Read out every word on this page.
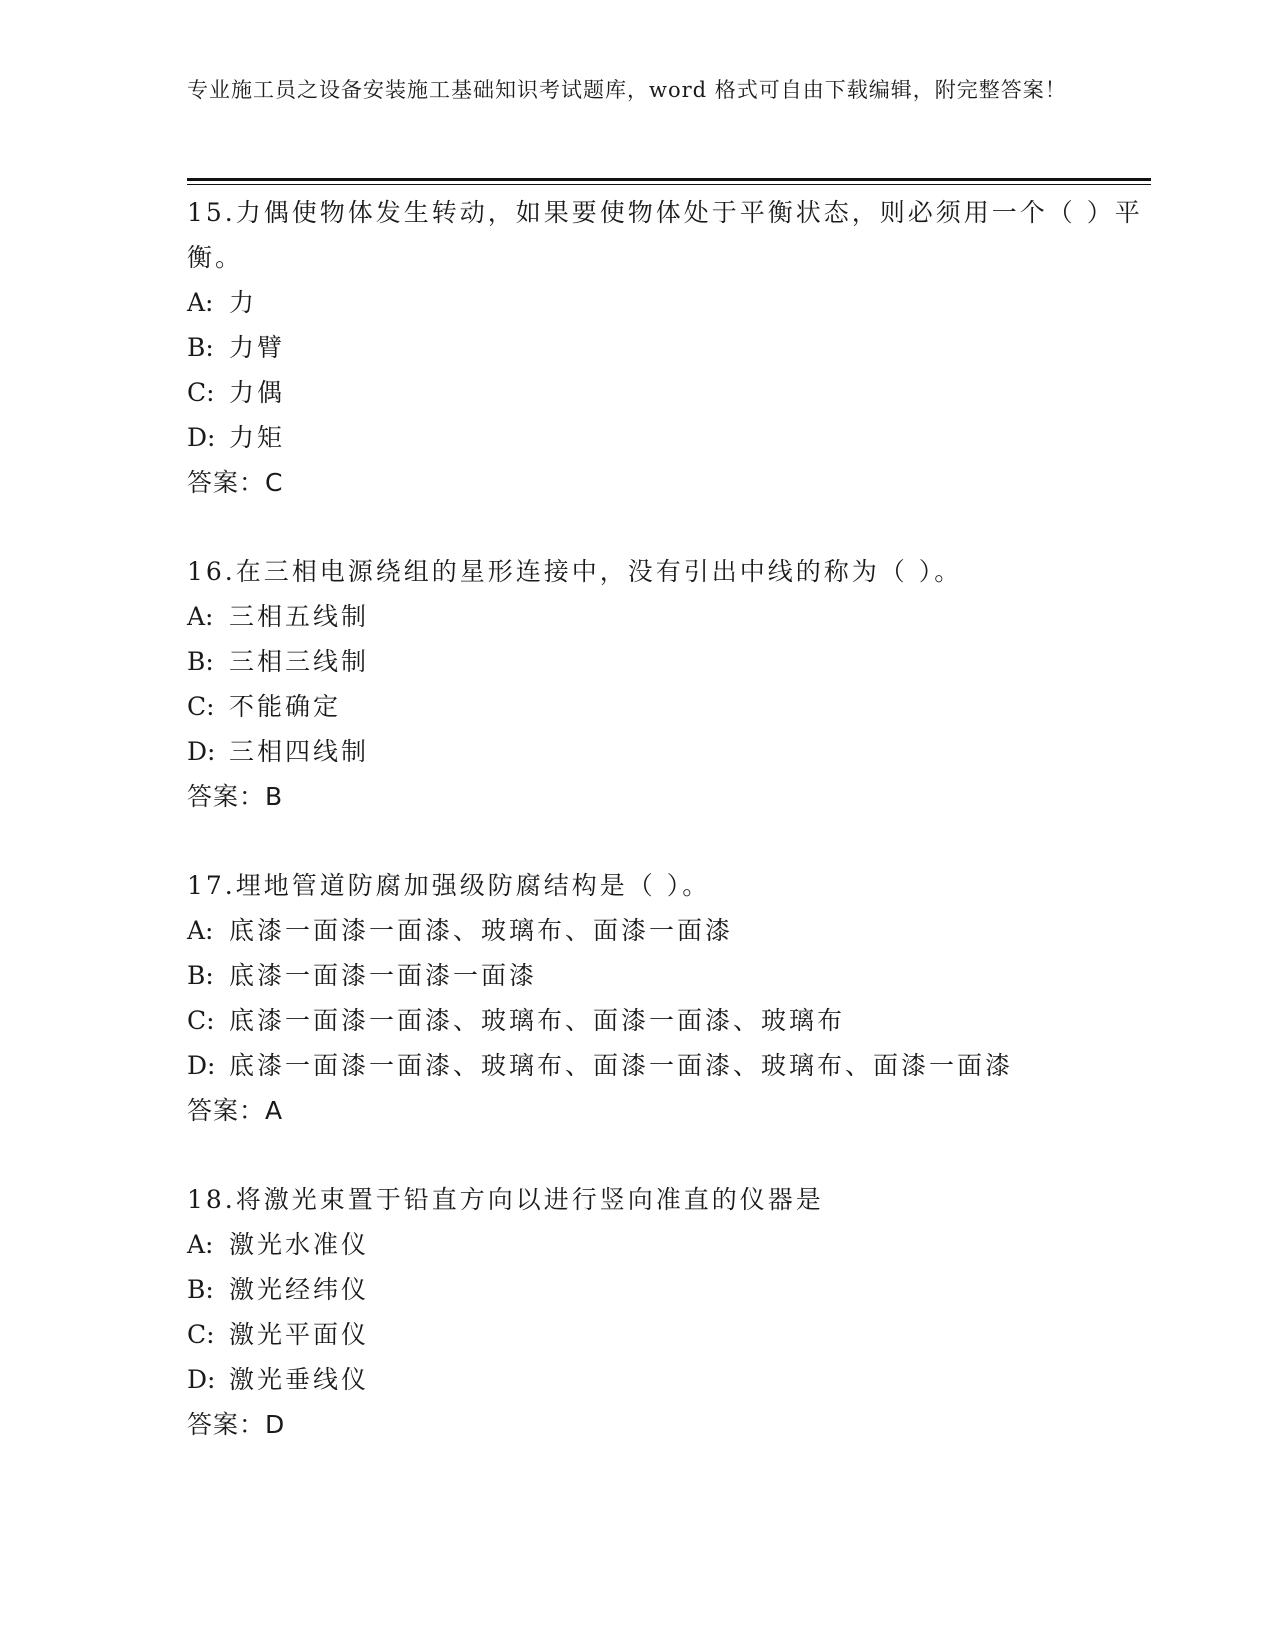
专业施工员之设备安装施工基础知识考试题库，word 格式可自由下载编辑，附完整答案！
15.力偶使物体发生转动，如果要使物体处于平衡状态，则必须用一个（ ）平衡。
A: 力
B: 力臂
C: 力偶
D: 力矩
答案：C
16.在三相电源绕组的星形连接中，没有引出中线的称为（ ）。
A: 三相五线制
B: 三相三线制
C: 不能确定
D: 三相四线制
答案：B
17.埋地管道防腐加强级防腐结构是（ ）。
A: 底漆一面漆一面漆、玻璃布、面漆一面漆
B: 底漆一面漆一面漆一面漆
C: 底漆一面漆一面漆、玻璃布、面漆一面漆、玻璃布
D: 底漆一面漆一面漆、玻璃布、面漆一面漆、玻璃布、面漆一面漆
答案：A
18.将激光束置于铅直方向以进行竖向准直的仪器是
A: 激光水准仪
B: 激光经纬仪
C: 激光平面仪
D: 激光垂线仪
答案：D
